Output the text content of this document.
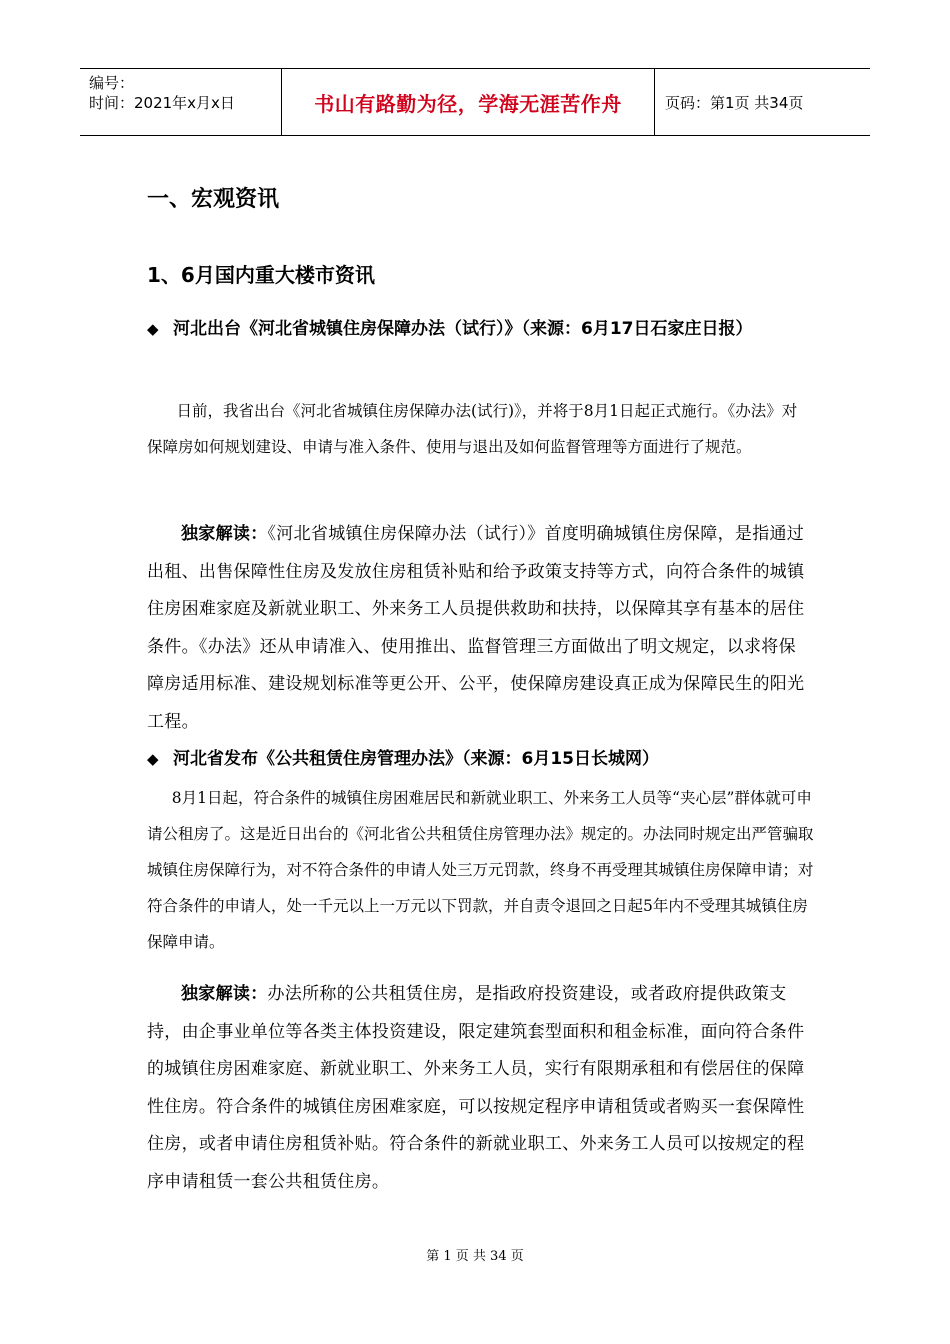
编号：
时间：2021年x月x日	书山有路勤为径，学海无涯苦作舟	页码：第1页 共34页
一、宏观资讯
1、6月国内重大楼市资讯
◆ 河北出台《河北省城镇住房保障办法（试行）》（来源：6月17日石家庄日报）
日前，我省出台《河北省城镇住房保障办法(试行)》，并将于8月1日起正式施行。《办法》对保障房如何规划建设、申请与准入条件、使用与退出及如何监督管理等方面进行了规范。
独家解读：《河北省城镇住房保障办法（试行）》首度明确城镇住房保障，是指通过出租、出售保障性住房及发放住房租赁补贴和给予政策支持等方式，向符合条件的城镇住房困难家庭及新就业职工、外来务工人员提供救助和扶持，以保障其享有基本的居住条件。《办法》还从申请准入、使用推出、监督管理三方面做出了明文规定，以求将保障房适用标准、建设规划标准等更公开、公平，使保障房建设真正成为保障民生的阳光工程。
◆ 河北省发布《公共租赁住房管理办法》（来源：6月15日长城网）
8月1日起，符合条件的城镇住房困难居民和新就业职工、外来务工人员等“夹心层”群体就可申请公租房了。这是近日出台的《河北省公共租赁住房管理办法》规定的。办法同时规定出严管骗取城镇住房保障行为，对不符合条件的申请人处三万元罚款，终身不再受理其城镇住房保障申请；对符合条件的申请人，处一千元以上一万元以下罚款，并自责令退回之日起5年内不受理其城镇住房保障申请。
独家解读：办法所称的公共租赁住房，是指政府投资建设，或者政府提供政策支持，由企事业单位等各类主体投资建设，限定建筑套型面积和租金标准，面向符合条件的城镇住房困难家庭、新就业职工、外来务工人员，实行有限期承租和有偿居住的保障性住房。符合条件的城镇住房困难家庭，可以按规定程序申请租赁或者购买一套保障性住房，或者申请住房租赁补贴。符合条件的新就业职工、外来务工人员可以按规定的程序申请租赁一套公共租赁住房。
第 1 页 共 34 页
